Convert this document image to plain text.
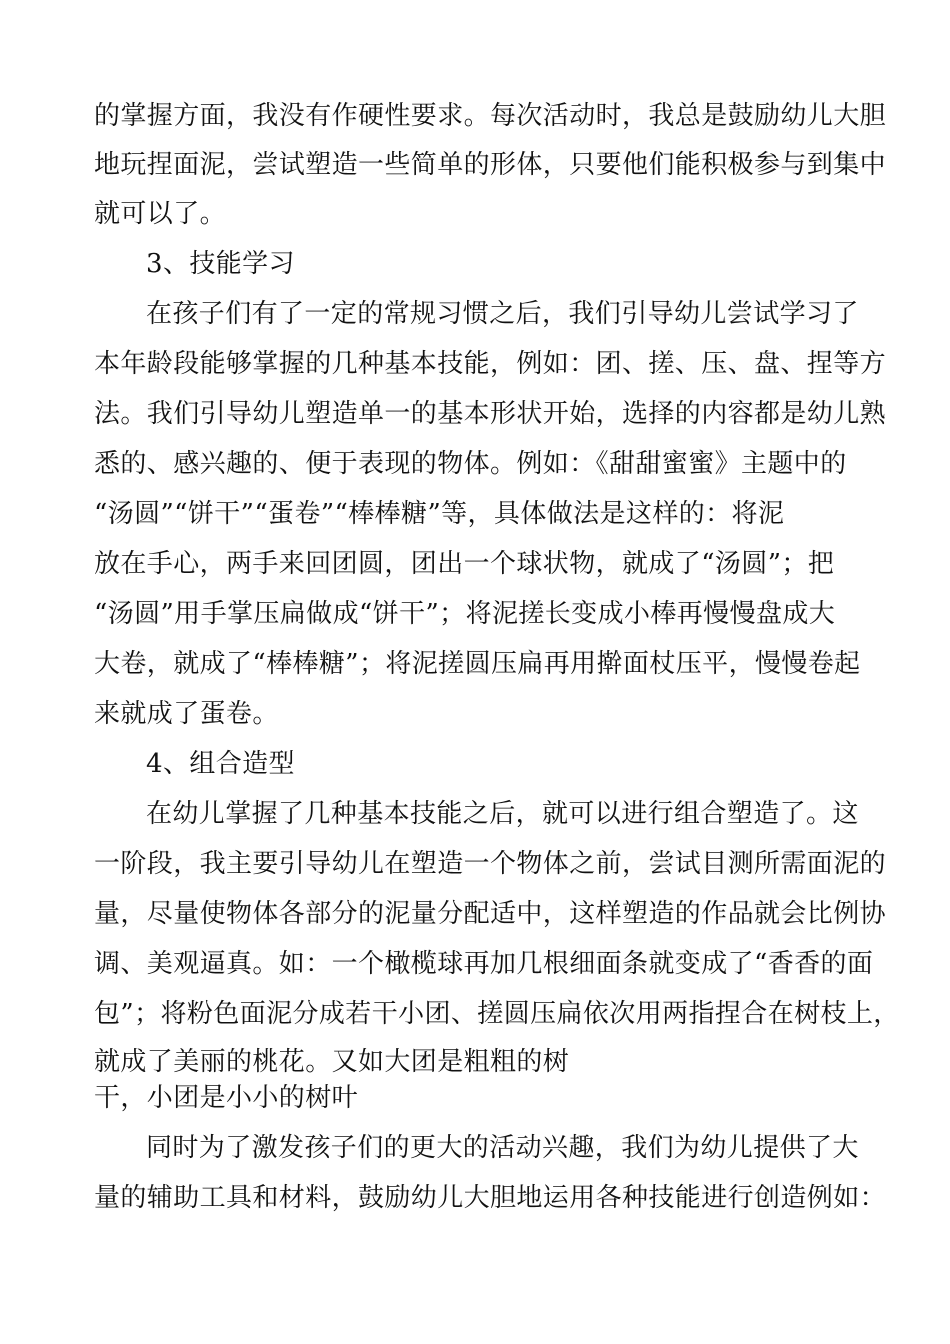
的掌握方面，我没有作硬性要求。每次活动时，我总是鼓励幼儿大胆
地玩捏面泥，尝试塑造一些简单的形体，只要他们能积极参与到集中
就可以了。
3、技能学习
在孩子们有了一定的常规习惯之后，我们引导幼儿尝试学习了
本年龄段能够掌握的几种基本技能，例如：团、搓、压、盘、捏等方
法。我们引导幼儿塑造单一的基本形状开始，选择的内容都是幼儿熟
悉的、感兴趣的、便于表现的物体。例如：《甜甜蜜蜜》主题中的
“汤圆”“饼干”“蛋卷”“棒棒糖”等，具体做法是这样的：将泥
放在手心，两手来回团圆，团出一个球状物，就成了“汤圆”；把
“汤圆”用手掌压扁做成“饼干”；将泥搓长变成小棒再慢慢盘成大
大卷，就成了“棒棒糖”；将泥搓圆压扁再用擀面杖压平，慢慢卷起
来就成了蛋卷。
4、组合造型
在幼儿掌握了几种基本技能之后，就可以进行组合塑造了。这
一阶段，我主要引导幼儿在塑造一个物体之前，尝试目测所需面泥的
量，尽量使物体各部分的泥量分配适中，这样塑造的作品就会比例协
调、美观逼真。如：一个橄榄球再加几根细面条就变成了“香香的面
包”；将粉色面泥分成若干小团、搓圆压扁依次用两指捏合在树枝上，
就成了美丽的桃花。又如大团是粗粗的树
干，小团是小小的树叶
同时为了激发孩子们的更大的活动兴趣，我们为幼儿提供了大
量的辅助工具和材料，鼓励幼儿大胆地运用各种技能进行创造例如：
